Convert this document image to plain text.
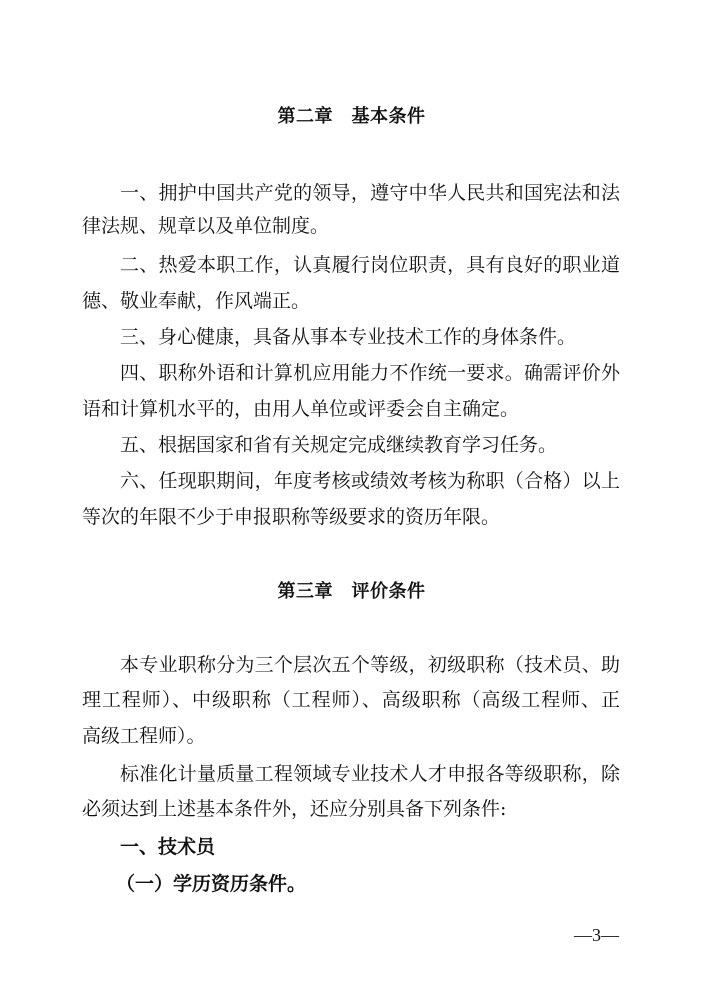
第二章　基本条件
一、拥护中国共产党的领导，遵守中华人民共和国宪法和法
律法规、规章以及单位制度。
二、热爱本职工作，认真履行岗位职责，具有良好的职业道
德、敬业奉献，作风端正。
三、身心健康，具备从事本专业技术工作的身体条件。
四、职称外语和计算机应用能力不作统一要求。确需评价外
语和计算机水平的，由用人单位或评委会自主确定。
五、根据国家和省有关规定完成继续教育学习任务。
六、任现职期间，年度考核或绩效考核为称职（合格）以上
等次的年限不少于申报职称等级要求的资历年限。
第三章　评价条件
本专业职称分为三个层次五个等级，初级职称（技术员、助
理工程师）、中级职称（工程师）、高级职称（高级工程师、正
高级工程师）。
标准化计量质量工程领域专业技术人才申报各等级职称，除
必须达到上述基本条件外，还应分别具备下列条件:
一、技术员
（一）学历资历条件。
—3—
